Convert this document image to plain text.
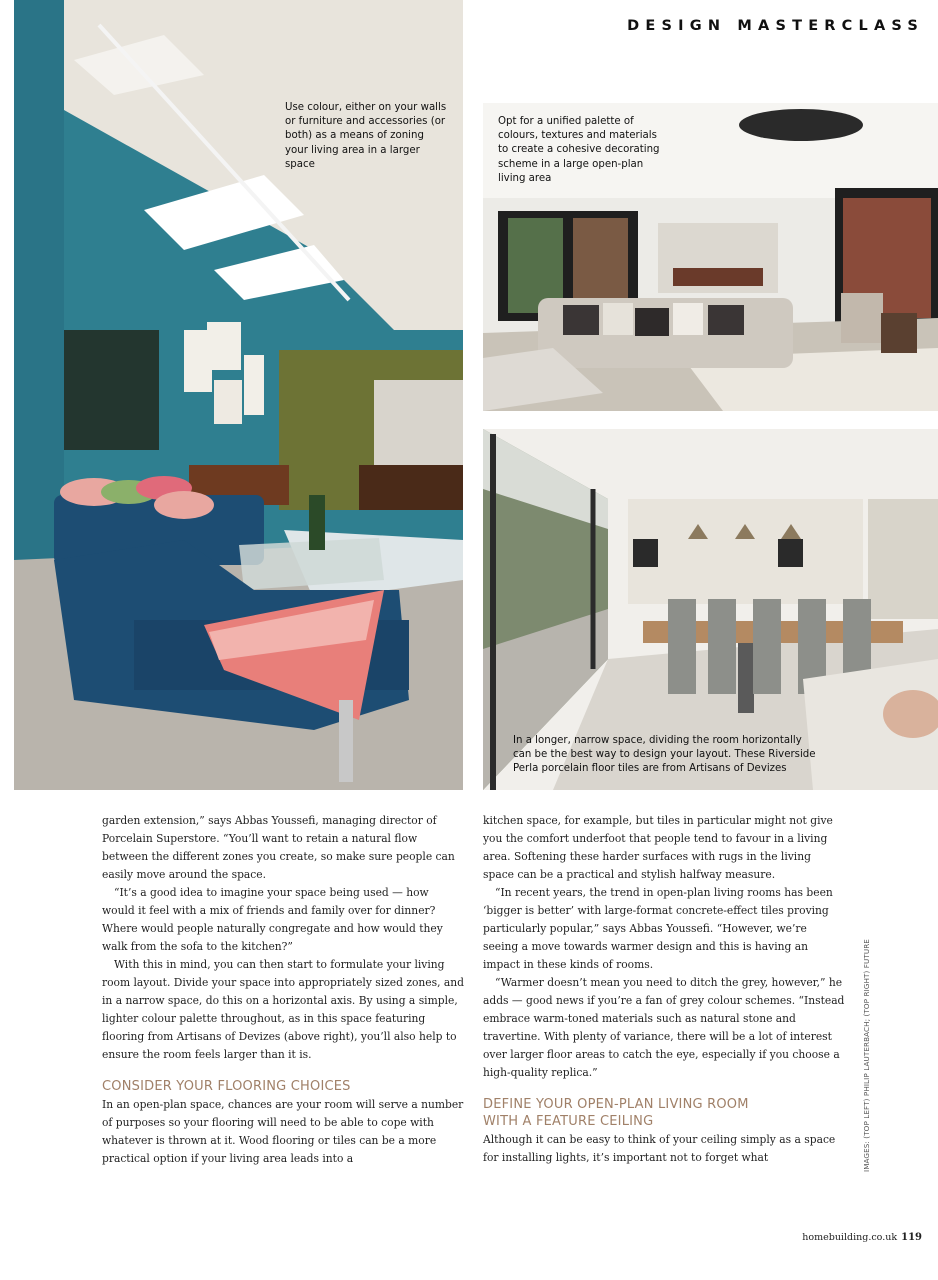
DESIGN MASTERCLASS
Use colour, either on your walls or furniture and accessories (or both) as a means of zoning your living area in a larger space
Opt for a unified palette of colours, textures and materials to create a cohesive decorating scheme in a large open-plan living area
In a longer, narrow space, dividing the room horizontally can be the best way to design your layout. These Riverside Perla porcelain floor tiles are from Artisans of Devizes

garden extension,” says Abbas Youssefi, managing director of Porcelain Superstore. “You’ll want to retain a natural flow between the different zones you create, so make sure people can easily move around the space.

“It’s a good idea to imagine your space being used — how would it feel with a mix of friends and family over for dinner? Where would people naturally congregate and how would they walk from the sofa to the kitchen?”

With this in mind, you can then start to formulate your living room layout. Divide your space into appropriately sized zones, and in a narrow space, do this on a horizontal axis. By using a simple, lighter colour palette throughout, as in this space featuring flooring from Artisans of Devizes (above right), you’ll also help to ensure the room feels larger than it is.

CONSIDER YOUR FLOORING CHOICES

In an open-plan space, chances are your room will serve a number of purposes so your flooring will need to be able to cope with whatever is thrown at it. Wood flooring or tiles can be a more practical option if your living area leads into a

kitchen space, for example, but tiles in particular might not give you the comfort underfoot that people tend to favour in a living area. Softening these harder surfaces with rugs in the living space can be a practical and stylish halfway measure.

“In recent years, the trend in open-plan living rooms has been ‘bigger is better’ with large-format concrete-effect tiles proving particularly popular,” says Abbas Youssefi. “However, we’re seeing a move towards warmer design and this is having an impact in these kinds of rooms.

“Warmer doesn’t mean you need to ditch the grey, however,” he adds — good news if you’re a fan of grey colour schemes. “Instead embrace warm-toned materials such as natural stone and travertine. With plenty of variance, there will be a lot of interest over larger floor areas to catch the eye, especially if you choose a high-quality replica.”

DEFINE YOUR OPEN-PLAN LIVING ROOM WITH A FEATURE CEILING

Although it can be easy to think of your ceiling simply as a space for installing lights, it’s important not to forget what	IMAGES: (TOP LEFT) PHILIP LAUTERBACH; (TOP RIGHT) FUTURE
homebuilding.co.uk 119
